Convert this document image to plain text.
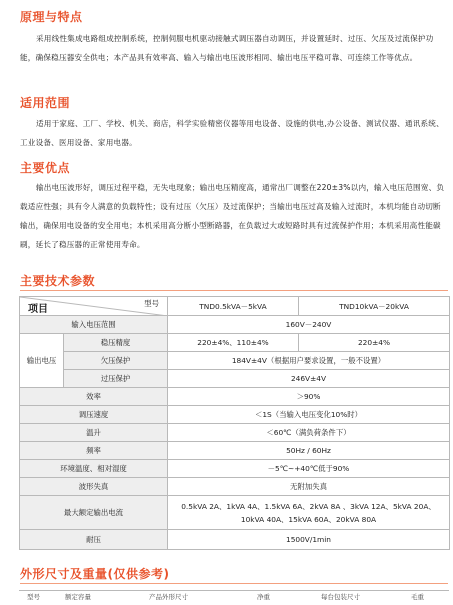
原理与特点

采用线性集成电路组成控制系统，控制伺服电机驱动接触式调压器自动调压，并设置延时、过压、欠压及过流保护功能，确保稳压器安全供电；本产品具有效率高、输入与输出电压波形相同、输出电压平稳可靠、可连续工作等优点。

适用范围

适用于家庭、工厂、学校、机关、商店，科学实验精密仪器等用电设备、设施的供电,办公设备、测试仪器、通讯系统、工业设备、医用设备、家用电器。

主要优点

输出电压波形好，调压过程平稳，无失电现象；输出电压精度高，通常出厂调整在220±3%以内，输入电压范围宽、负载适应性强；具有令人满意的负载特性；设有过压（欠压）及过流保护；当输出电压过高及输入过流时，本机均能自动切断输出，确保用电设备的安全用电；本机采用高分断小型断路器，在负载过大或短路时具有过流保护作用；本机采用高性能碳刷，延长了稳压器的正常使用寿命。

主要技术参数
型号
项目		TND0.5kVA－5kVA	TND10kVA－20kVA
输入电压范围		160V－240V	
输出电压	稳压精度	220±4%、110±4%	220±4%
	欠压保护	184V±4V（根据用户要求设置，一般不设置）	
	过压保护	246V±4V	
效率		＞90%	
调压速度		＜1S（当输入电压变化10%时）	
温升		＜60℃（满负荷条件下）	
频率		50Hz / 60Hz	
环境温度、相对湿度		－5℃~+40℃低于90%	
波形失真		无附加失真	
最大额定输出电流		0.5kVA 2A、1kVA 4A、1.5kVA 6A、2kVA 8A 、3kVA 12A、5kVA 20A、10kVA 40A、15kVA 60A、20kVA 80A	
耐压		1500V/1min	
外形尺寸及重量(仅供参考)
型号	额定容量	产品外形尺寸	净重	每台包装尺寸	毛重
